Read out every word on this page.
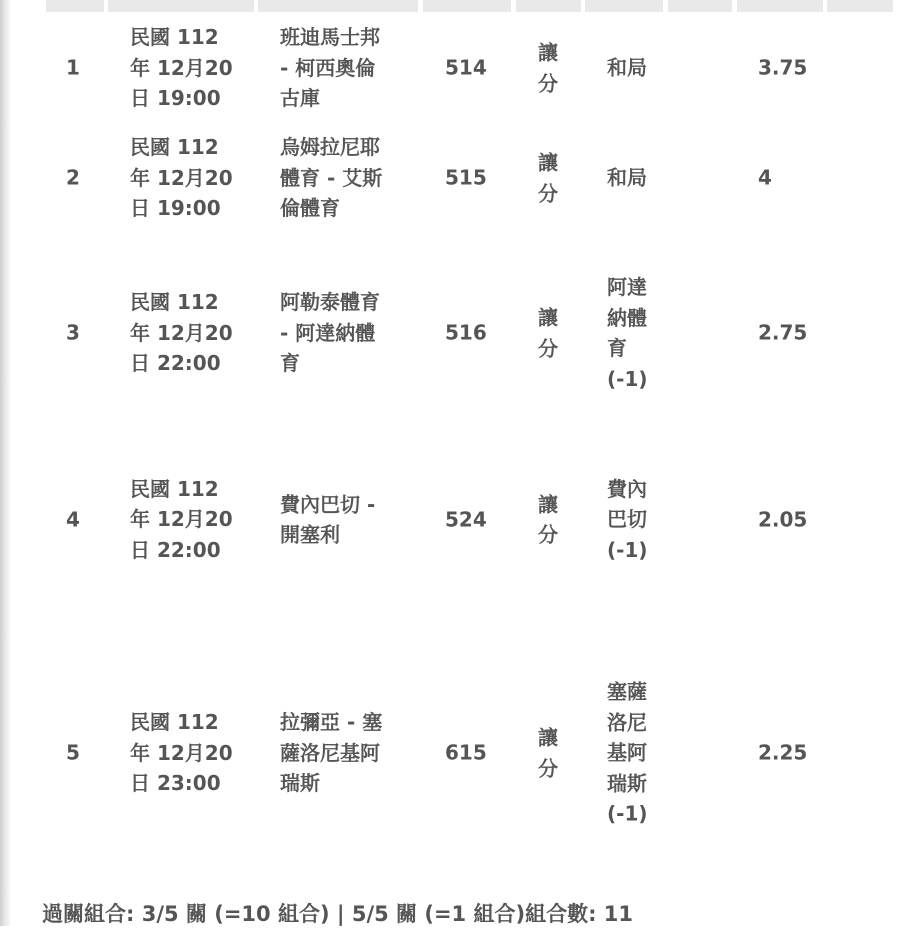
1
民國 112 年 12月20 日 19:00
班迪馬士邦 - 柯西奧倫古庫
514
讓分
和局	3.75
2
民國 112 年 12月20 日 19:00
烏姆拉尼耶體育 - 艾斯倫體育
515
讓分
和局	4
3
民國 112 年 12月20 日 22:00
阿勒泰體育 - 阿達納體育
516
讓分
阿達納體育 (-1)
2.75
4
民國 112 年 12月20 日 22:00
費內巴切 - 開塞利
524
讓分
費內巴切 (-1)
2.05
5
民國 112 年 12月20 日 23:00
拉彌亞 - 塞薩洛尼基阿瑞斯
615
讓分
塞薩洛尼基阿瑞斯 (-1)
2.25
過關組合: 3/5 關 (=10 組合) | 5/5 關 (=1 組合)組合數: 11
